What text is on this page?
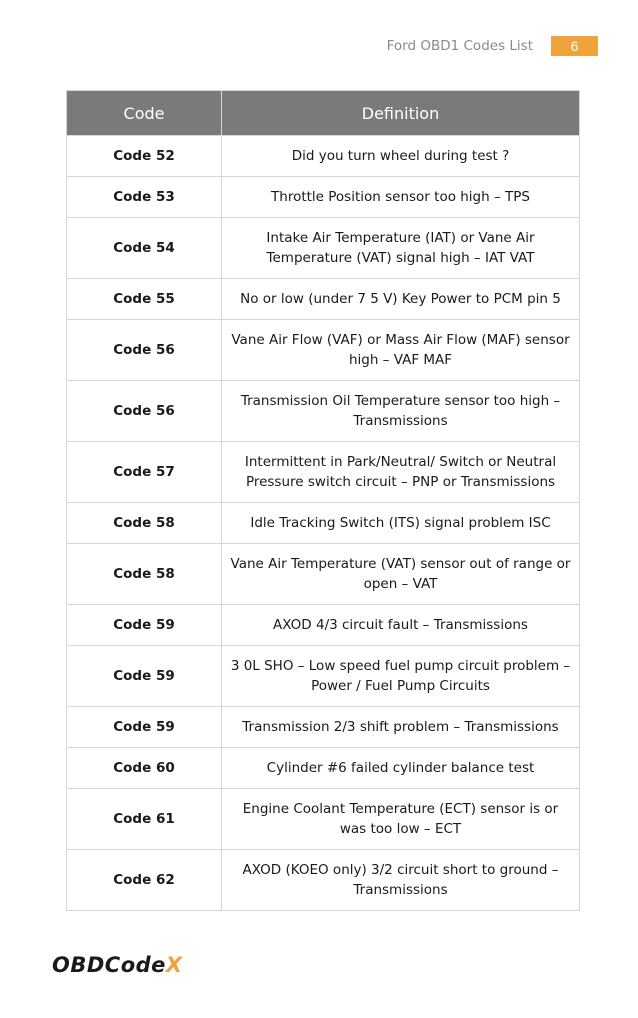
Ford OBD1 Codes List	6
Code	Definition
Code 52	Did you turn wheel during test ?
Code 53	Throttle Position sensor too high – TPS
Code 54	Intake Air Temperature (IAT) or Vane Air Temperature (VAT) signal high – IAT VAT
Code 55	No or low (under 7 5 V) Key Power to PCM pin 5
Code 56	Vane Air Flow (VAF) or Mass Air Flow (MAF) sensor high – VAF MAF
Code 56	Transmission Oil Temperature sensor too high – Transmissions
Code 57	Intermittent in Park/Neutral/ Switch or Neutral Pressure switch circuit – PNP or Transmissions
Code 58	Idle Tracking Switch (ITS) signal problem ISC
Code 58	Vane Air Temperature (VAT) sensor out of range or open – VAT
Code 59	AXOD 4/3 circuit fault – Transmissions
Code 59	3 0L SHO – Low speed fuel pump circuit problem – Power / Fuel Pump Circuits
Code 59	Transmission 2/3 shift problem – Transmissions
Code 60	Cylinder #6 failed cylinder balance test
Code 61	Engine Coolant Temperature (ECT) sensor is or was too low – ECT
Code 62	AXOD (KOEO only) 3/2 circuit short to ground – Transmissions
OBDCodeX
